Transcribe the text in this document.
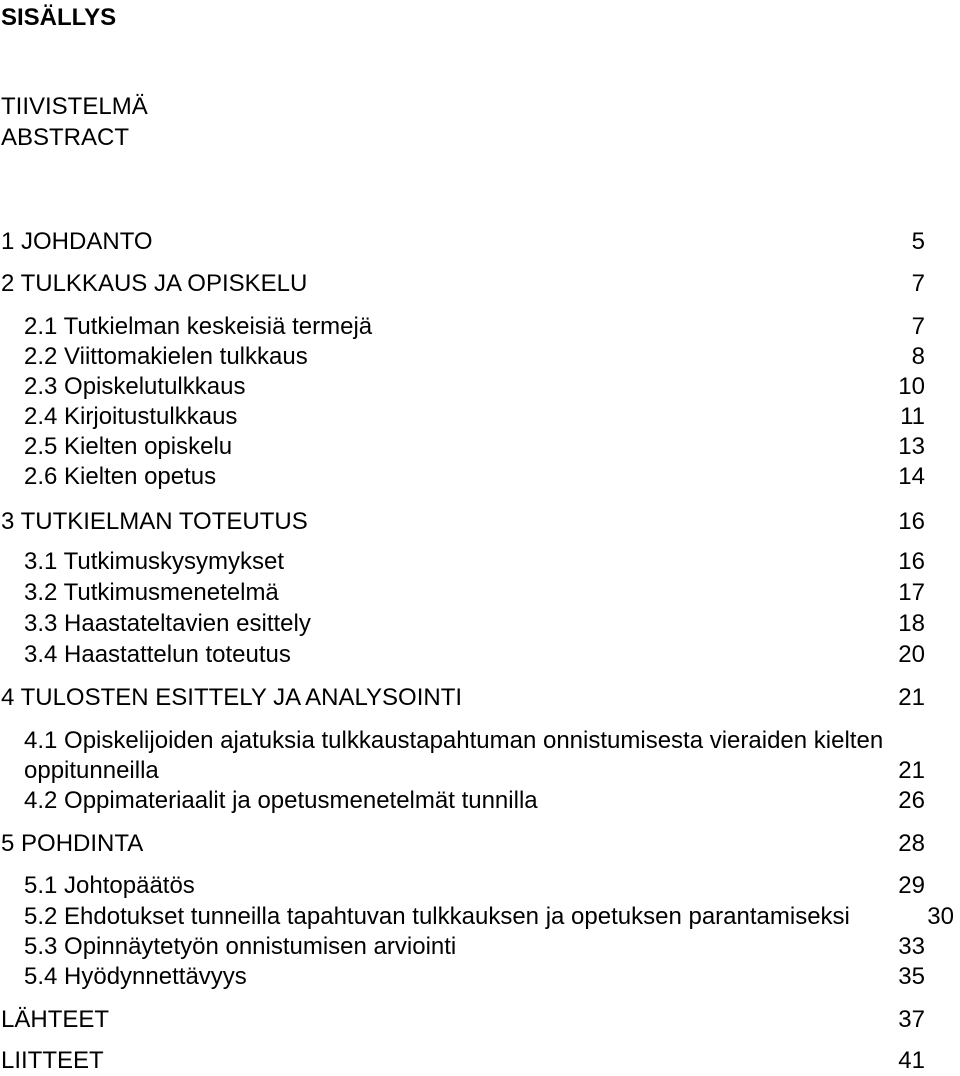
SISÄLLYS
TIIVISTELMÄ
ABSTRACT
1 JOHDANTO	5
2 TULKKAUS JA OPISKELU	7
2.1 Tutkielman keskeisiä termejä	7
2.2 Viittomakielen tulkkaus	8
2.3 Opiskelutulkkaus	10
2.4 Kirjoitustulkkaus	11
2.5 Kielten opiskelu	13
2.6 Kielten opetus	14
3 TUTKIELMAN TOTEUTUS	16
3.1 Tutkimuskysymykset	16
3.2 Tutkimusmenetelmä	17
3.3 Haastateltavien esittely	18
3.4 Haastattelun toteutus	20
4 TULOSTEN ESITTELY JA ANALYSOINTI	21
4.1 Opiskelijoiden ajatuksia tulkkaustapahtuman onnistumisesta vieraiden kielten
oppitunneilla	21
4.2 Oppimateriaalit ja opetusmenetelmät tunnilla	26
5 POHDINTA	28
5.1 Johtopäätös	29
5.2 Ehdotukset tunneilla tapahtuvan tulkkauksen ja opetuksen parantamiseksi	30
5.3 Opinnäytetyön onnistumisen arviointi	33
5.4 Hyödynnettävyys	35
LÄHTEET	37
LIITTEET	41
